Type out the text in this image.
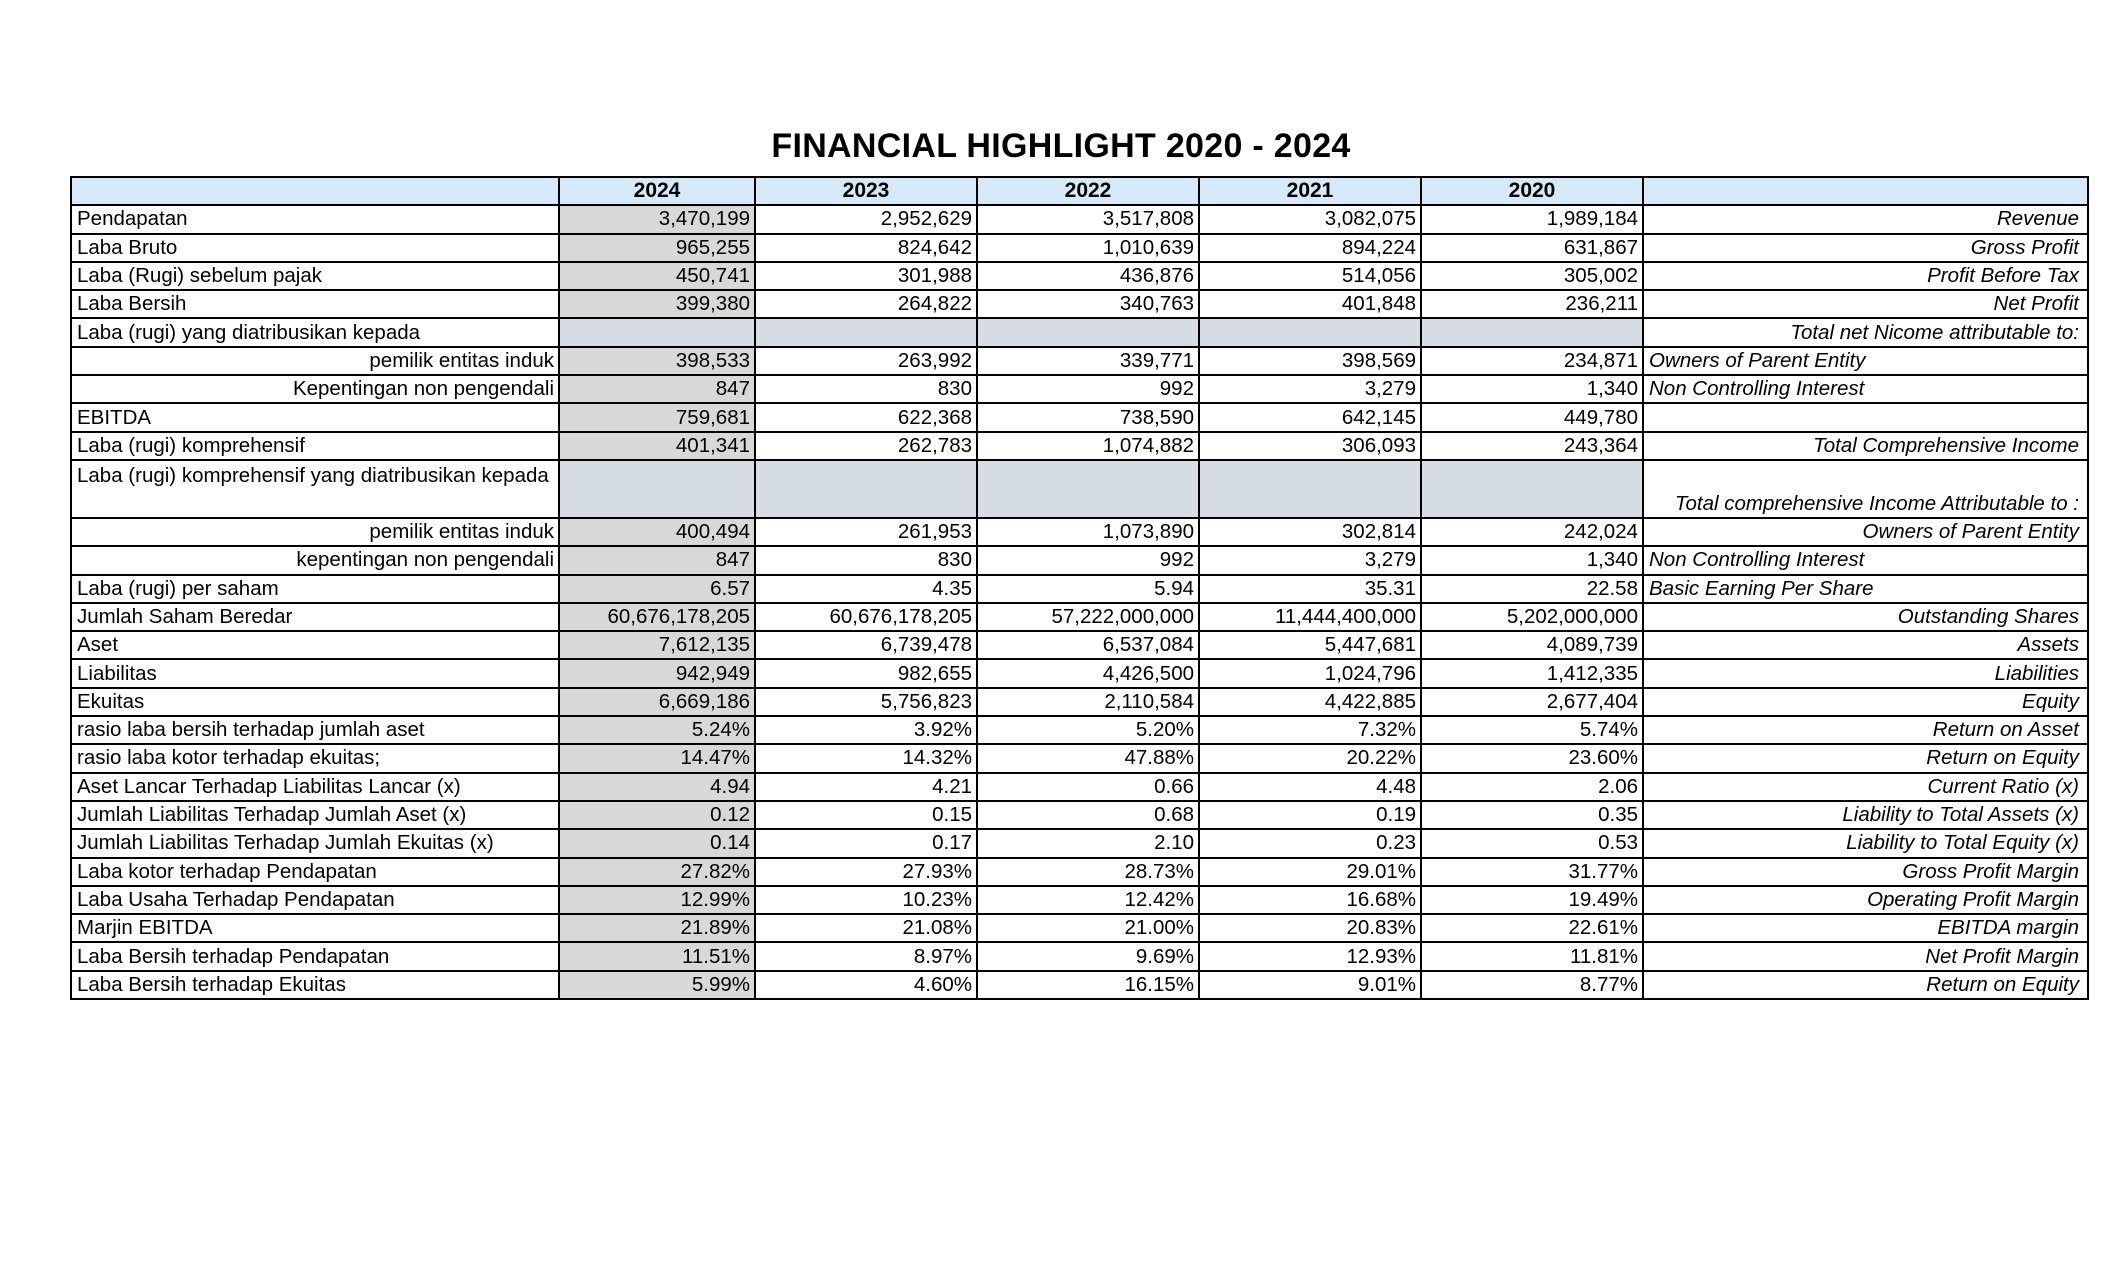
FINANCIAL HIGHLIGHT 2020 - 2024
	2024	2023	2022	2021	2020	
Pendapatan	3,470,199	2,952,629	3,517,808	3,082,075	1,989,184	Revenue
Laba Bruto	965,255	824,642	1,010,639	894,224	631,867	Gross Profit
Laba (Rugi) sebelum pajak	450,741	301,988	436,876	514,056	305,002	Profit Before Tax
Laba Bersih	399,380	264,822	340,763	401,848	236,211	Net Profit
Laba (rugi) yang diatribusikan kepada						Total net Nicome attributable to:
pemilik entitas induk	398,533	263,992	339,771	398,569	234,871	Owners of Parent Entity
Kepentingan non pengendali	847	830	992	3,279	1,340	Non Controlling Interest
EBITDA	759,681	622,368	738,590	642,145	449,780	
Laba (rugi) komprehensif	401,341	262,783	1,074,882	306,093	243,364	Total Comprehensive Income
Laba (rugi) komprehensif yang diatribusikan kepada						Total comprehensive Income Attributable to :
pemilik entitas induk	400,494	261,953	1,073,890	302,814	242,024	Owners of Parent Entity
kepentingan non pengendali	847	830	992	3,279	1,340	Non Controlling Interest
Laba (rugi) per saham	6.57	4.35	5.94	35.31	22.58	Basic Earning Per Share
Jumlah Saham Beredar	60,676,178,205	60,676,178,205	57,222,000,000	11,444,400,000	5,202,000,000	Outstanding Shares
Aset	7,612,135	6,739,478	6,537,084	5,447,681	4,089,739	Assets
Liabilitas	942,949	982,655	4,426,500	1,024,796	1,412,335	Liabilities
Ekuitas	6,669,186	5,756,823	2,110,584	4,422,885	2,677,404	Equity
rasio laba bersih terhadap jumlah aset	5.24%	3.92%	5.20%	7.32%	5.74%	Return on Asset
rasio laba kotor terhadap ekuitas;	14.47%	14.32%	47.88%	20.22%	23.60%	Return on Equity
Aset Lancar Terhadap Liabilitas Lancar (x)	4.94	4.21	0.66	4.48	2.06	Current Ratio (x)
Jumlah Liabilitas Terhadap Jumlah Aset (x)	0.12	0.15	0.68	0.19	0.35	Liability to Total Assets (x)
Jumlah Liabilitas Terhadap Jumlah Ekuitas (x)	0.14	0.17	2.10	0.23	0.53	Liability to Total Equity (x)
Laba kotor terhadap Pendapatan	27.82%	27.93%	28.73%	29.01%	31.77%	Gross Profit Margin
Laba Usaha Terhadap Pendapatan	12.99%	10.23%	12.42%	16.68%	19.49%	Operating Profit Margin
Marjin EBITDA	21.89%	21.08%	21.00%	20.83%	22.61%	EBITDA margin
Laba Bersih terhadap Pendapatan	11.51%	8.97%	9.69%	12.93%	11.81%	Net Profit Margin
Laba Bersih terhadap Ekuitas	5.99%	4.60%	16.15%	9.01%	8.77%	Return on Equity
